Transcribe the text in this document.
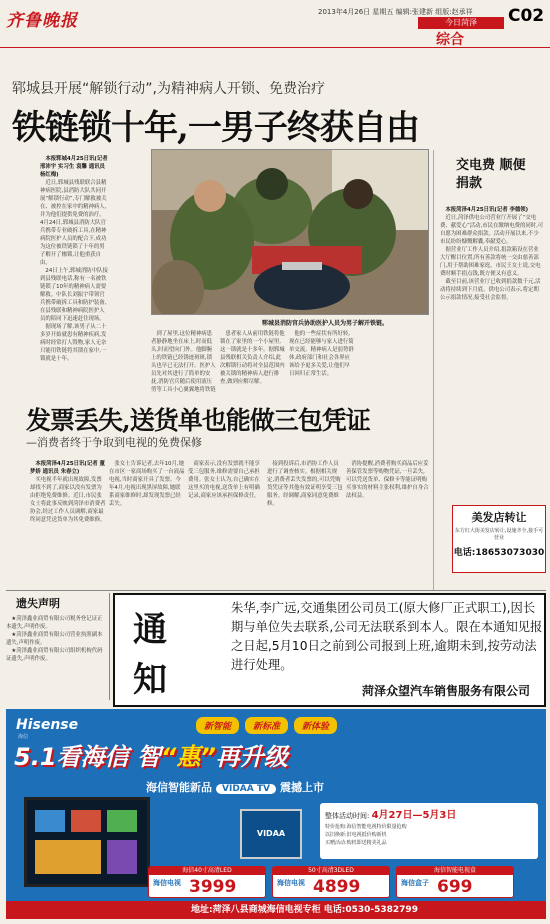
齐鲁晚报	2013年4月26日 星期五 编辑:张建新 组版:赵承祥
今日菏泽
综合
C02
郓城县开展“解锁行动”,为精神病人开锁、免费治疗
铁链锁十年,一男子终获自由

本报郓城4月25日讯(记者 邢沛宇 实习生 袁馨 通讯员 杨红梅)

近日,郓城县残联联合县精神病医院,县消防大队共同开展“解锁行动”,专门解救被关在、被控在家中的精神病人,并为他们提供免费的治疗。4月24日,郓城县消防大队官兵携带专业破拆工具,在精神病院医护人员的配合下,成功为这位被铁链锁了十年的男子解开了枷锁,让他重获自由。

24日上午,郓城消防中队接到县残联电话,称有一名被铁链锁了10年的精神病人需要解救。中队长刘振宇带领官兵携带破拆工具和防护装备,在县残联和精神病院医护人员的陪同下迅速赶往现场。

据现场了解,该男子从二十多岁开始就患有精神疾病,发病时经常打人毁物,家人无奈只能用铁链将其锁在家中,一锁就是十年。

郓城县消防官兵协助医护人员为男子解开铁链。

到了屋里,这位精神病患者静静地坐在床上,时而低头,时而望向门外。他脚腕上的铁链已经锈迹斑斑,锁头也早已无法打开。医护人员先对其进行了简单的安抚,消防官兵随后使用液压剪等工具小心翼翼地将铁链

患者家人从前用铁链将他锁在了家里的一个小屋里,这一锁就是十多年。据郓城县残联相关负责人介绍,此次解锁行动将对全县范围内被关锁的精神病人进行排查,做到应解尽解。

他的一些症状有所好转,现在已经能够与家人进行简单交流。精神病人是弱势群体,政府部门和社会各界应该给予更多关爱,让他们早日回归正常生活。

交电费 顺便捐款

本报菏泽4月25日讯(记者 李德领)

近日,菏泽供电公司营业厅开展了“交电费、献爱心”活动,市民在缴纳电费的同时,可自愿为困难群众捐款。活动开展以来,不少市民纷纷慷慨解囊,奉献爱心。

据营业厅工作人员介绍,捐款箱设在营业大厅醒目位置,所有善款将统一交由慈善部门,用于帮助困难家庭。市民王女士说,交电费时顺手捐点钱,既方便又有意义。

截至目前,该营业厅已收到捐款数千元,活动将持续到下月底。供电公司表示,将定期公示捐款情况,接受社会监督。

发票丢失,送货单也能做三包凭证
—消费者终于争取到电视的免费保修

本报菏泽4月25日讯(记者 董梦娇 通讯员 朱春立)

买电视半年就出现故障,发票却找不到了,商家以没有发票为由拒绝免费维修。近日,市民张女士将此事反映到菏泽市消费者协会,经过工作人员调解,商家最终同意凭送货单为其免费维修。

张女士告诉记者,去年10月,她在市区一家商场购买了一台液晶电视,当时商家开具了发票。今年4月,电视出现黑屏故障,她联系商家维修时,却发现发票已经丢失。

商家表示,没有发票就不能享受三包服务,维修需要自己承担费用。张女士认为,自己确实在这里买的电视,送货单上有明确记录,商家应该承担保修责任。

接到投诉后,市消协工作人员进行了调查核实。根据相关规定,消费者丢失发票的,可以凭购货凭证等其他有效证明享受三包服务。经调解,商家同意免费维修。

消协提醒,消费者购买商品后应妥善保管发票等购物凭证,一旦丢失,可以凭送货单、保修卡等能证明购买事实的材料主张权利,维护自身合法权益。

美发店转让
东方红大街美发店转让,设施齐全,接手可营业
电话:18653073030
遗失声明

★菏泽鑫业商贸有限公司税务登记证正本遗失,声明作废。

★菏泽鑫业商贸有限公司营业执照副本遗失,声明作废。

★菏泽鑫业商贸有限公司组织机构代码证遗失,声明作废。

通知
朱华,李广远,交通集团公司员工(原大修厂正式职工),因长期与单位失去联系,公司无法联系到本人。限在本通知见报之日起,5月10日之前到公司报到上班,逾期未到,按劳动法进行处理。
菏泽众望汽车销售服务有限公司
Hisense
海信
新智能	新标准	新体验
5.1看海信 智“惠”再升级
海信智能新品 VIDAA TV 震撼上市
VIDAA
整体活动时间: 4月27日—5月3日
特价抢购:海信智能电视特价限量抢购
以旧换新:旧电视抵价购新机
买赠活动:购机即送精美礼品
海信40寸高清LED
海信电视 3999
50寸高清3DLED
海信电视 4899
海信智能电视盒
海信盒子 699
地址:菏泽八县商城海信电视专柜 电话:0530-5382799
